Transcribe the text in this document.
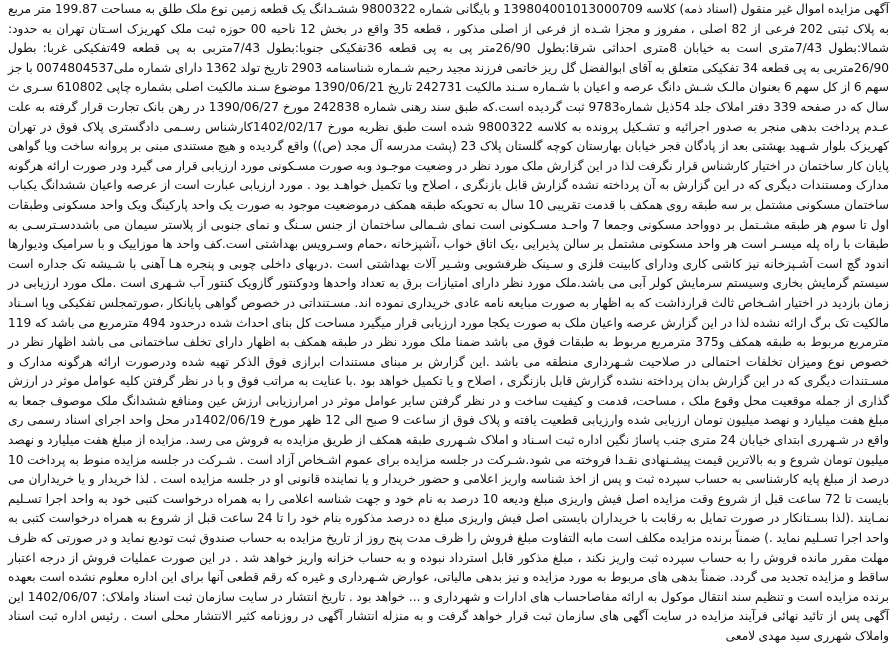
آگهی مزایده اموال غیر منقول (اسناد ذمه) کلاسه 139804001013000709 و بایگانی شماره 9800322 ششـدانگ یک قطعه زمین نوع ملک طلق به مساحت 199.87 متر مربع به پلاک ثبتی 202 فرعی از 82 اصلی ، مفروز و مجزا شـده از فرعی از اصلی مذکور ، قطعه 35 واقع در بخش 12 ناحیه 00 حوزه ثبت ملک کهریزک اسـتان تهران به حدود: شمالا:بطول 7/43متری است به خیابان 8متری احداثی شرقا:بطول 26/90متر پی به پی قطعه 36تفکیکی جنوبا:بطول 7/43متربی به پی قطعه 49تفکیکی غربا: بطول 26/90متربی به پی قطعه 34 تفکیکی متعلق به آقای ابوالفضل گل ریز خاتمی فرزند مجید رحیم شـماره شناسنامه 2903 تاریخ تولد 1362 دارای شماره ملی0074804537 با جز سهم 6 از کل سهم 6 بعنوان مالـک شـش دانگ عرصه و اعیان با شـماره سـند مالکیت 242731 تاریخ 1390/06/21 موضوع سـند مالکیت اصلی بشماره چاپی 610802 سـری ث سال که در صفحه 339 دفتر املاک جلد 54ذیل شماره9783 ثبت گردیده است.که طبق سند رهنی شماره 242838 مورخ 1390/06/27 در رهن بانک تجارت قرار گرفته به علت عـدم پرداخت بدهی منجر به صدور اجرائیه و تشـکیل پرونده به کلاسه 9800322 شده است طبق نظریه مورخ 1402/02/17کارشناس رسـمی دادگستری پلاک فوق در تهران کهریزک بلوار شـهید بهشتی بعد از پادگان فجر خیابان بهارستان کوچه گلستان پلاک 23 (پشت مدرسه آل مجد (ص)) واقع گردیده و هیچ مستندی مبنی بر پروانه ساخت ویا گواهی پایان کار ساختمان در اختیار کارشناس قرار نگرفت لذا در این گزارش ملک مورد نظر در وضعیت موجـود وبه صورت مسـکونی مورد ارزیابی قرار می گیرد ودر صورت ارائه هرگونه مدارک ومستندات دیگری که در این گزارش به آن پرداخته نشده گزارش قابل بازنگری ، اصلاح ویا تکمیل خواهـد بود . مورد ارزیابی عبارت است از عرصه واعیان ششدانگ یکباب ساختمان مسکونی مشتمل بر سه طبقه روی همکف با قدمت تقریبی 10 سال به تحویکه طبقه همکف درموضعیت موجود به صورت یک واحد پارکینگ ویک واحد مسکونی وطبقات اول تا سوم هر طبقه مشـتمل بر دوواحد مسکونی وجمعا 7 واحـد مسـکونی است نمای شـمالی ساختمان از جنس سـنگ و نمای جنوبی از پلاستر سیمان می باشددسـترسـی به طبقات با راه پله میسـر است هر واحد مسکونی مشتمل بر سالن پذیرایی ،یک اتاق خواب ،آشپزخانه ،حمام وسـرویس بهداشتی است.کف واحد ها موزاییک و با سرامیک ودیوارها اندود گچ است آشـپزخانه نیز کاشی کاری ودارای کابینت فلزی و سـینک ظرفشویی وشـیر آلات بهداشتی است .دربهای داخلی چوبی و پنجره هـا آهنی با شـیشه تک جداره است سیستم گرمایش بخاری وسیستم سرمایش کولر آبی می باشد.ملک مورد نظر دارای امتیازات برق به تعداد واحدها ودوکنتور گازویک کنتور آب شـهری است .ملک مورد ارزیابی در زمان بازدید در اختیار اشـخاص ثالث قرارداشت که به اظهار به صورت مبایعه نامه عادی خریداری نموده اند. مسـتنداتی در خصوص گواهی پایانکار ،صورتمجلس تفکیکی ویا اسـناد مالکیت تک برگ ارائه نشده لذا در این گزارش عرصه واعیان ملک به صورت یکجا مورد ارزیابی قرار میگیرد مساحت کل بنای احداث شده درحدود 494 مترمربع می باشد که 119 مترمربع مربوط به طبقه همکف و375 مترمربع مربوط به طبقات فوق می باشد ضمنا ملک مورد نظر در طبقه همکف به اظهار دارای تخلف ساختمانی می باشد اظهار نظر در خصوص نوع ومیزان تخلفات احتمالی در صلاحیت شـهرداری منطقه می باشد .این گزارش بر مبنای مستندات ابرازی فوق الذکر تهیه شده ودرصورت ارائه هرگونه مدارک و مسـتندات دیگری که در این گزارش بدان پرداخته نشده گزارش قابل بازنگری ، اصلاح و یا تکمیل خواهد بود .با عنایت به مراتب فوق و با در نظر گرفتن کلیه عوامل موثر در ارزش گذاری از جمله موقعیت محل وقوع ملک ، مساحت، قدمت و کیفیت ساخت و در نظر گرفتن سایر عوامل موثر در امرارزیابی ارزش عین ومنافع ششدانگ ملک موصوف جمعا به مبلغ هفت میلیارد و نهصد میلیون تومان ارزیابی شده وارزیابی قطعیت یافته و پلاک فوق از ساعت 9 صبح الی 12 ظهر مورخ 1402/06/19در محل واحد اجرای اسناد رسمی ری واقع در شـهرری ابتدای خیابان 24 متری جنب پاساژ نگین اداره ثبت اسـناد و املاک شـهرری طبقه همکف از طریق مزایده به فروش می رسد. مزایده از مبلغ هفت میلیارد و نهصد میلیون تومان شروع و به بالاترین قیمت پیشـنهادی نقـدا فروخته می شود.شـرکت در جلسه مزایده برای عموم اشـخاص آزاد است . شـرکت در جلسه مزایده منوط به پرداخت 10 درصد از مبلغ پایه کارشناسی به حساب سپرده ثبت و پس از اخذ شناسه واریز اعلامی و حضور خریدار و یا نماینده قانونی او در جلسه مزایده است . لذا خریدار و یا خریداران می بایست تا 72 ساعت قبل از شروع وقت مزایده اصل فیش واریزی مبلغ ودیعه 10 درصد به نام خود و جهت شناسه اعلامی را به همراه درخواست کتبی خود به واحد اجرا تسـلیم نمـایند .(لذا بسـتانکار در صورت تمایل به رقابت با خریداران بایستی اصل فیش واریزی مبلغ ده درصد مذکوره بنام خود را تا 24 ساعت قبل از شروع به همراه درخواست کتبی به واحد اجرا تسـلیم نماید .) ضمناً برنده مزایده مکلف است مابه التفاوت مبلغ فروش را ظرف مدت پنج روز از تاریخ مزایده به حساب صندوق ثبت تودیع نماید و در صورتی که ظرف مهلت مقرر مانده فروش را به حساب سپرده ثبت واریز نکند ، مبلغ مذکور قابل استرداد نبوده و به حساب خزانه واریز خواهد شد . در این صورت عملیات فروش از درجه اعتبار ساقط و مزایده تجدید می گردد. ضمناً بدهی های مربوط به مورد مزایده و نیز بدهی مالیاتی، عوارض شـهرداری و غیره که رقم قطعی آنها برای این اداره معلوم نشده است بعهده برنده مزایده است و تنظیم سند انتقال موکول به ارائه مفاصاحساب های ادارات و شهرداری و ... خواهد بود . تاریخ انتشار در سایت سازمان ثبت اسناد واملاک: 1402/06/07 این آگهی پس از تائید نهائی فرآیند مزایده در سایت آگهی های سازمان ثبت قرار خواهد گرفت و به منزله انتشار آگهی در روزنامه کثیر الانتشار محلی است . رئیس اداره ثبت اسناد واملاک شهرری سید مهدی لامعی
